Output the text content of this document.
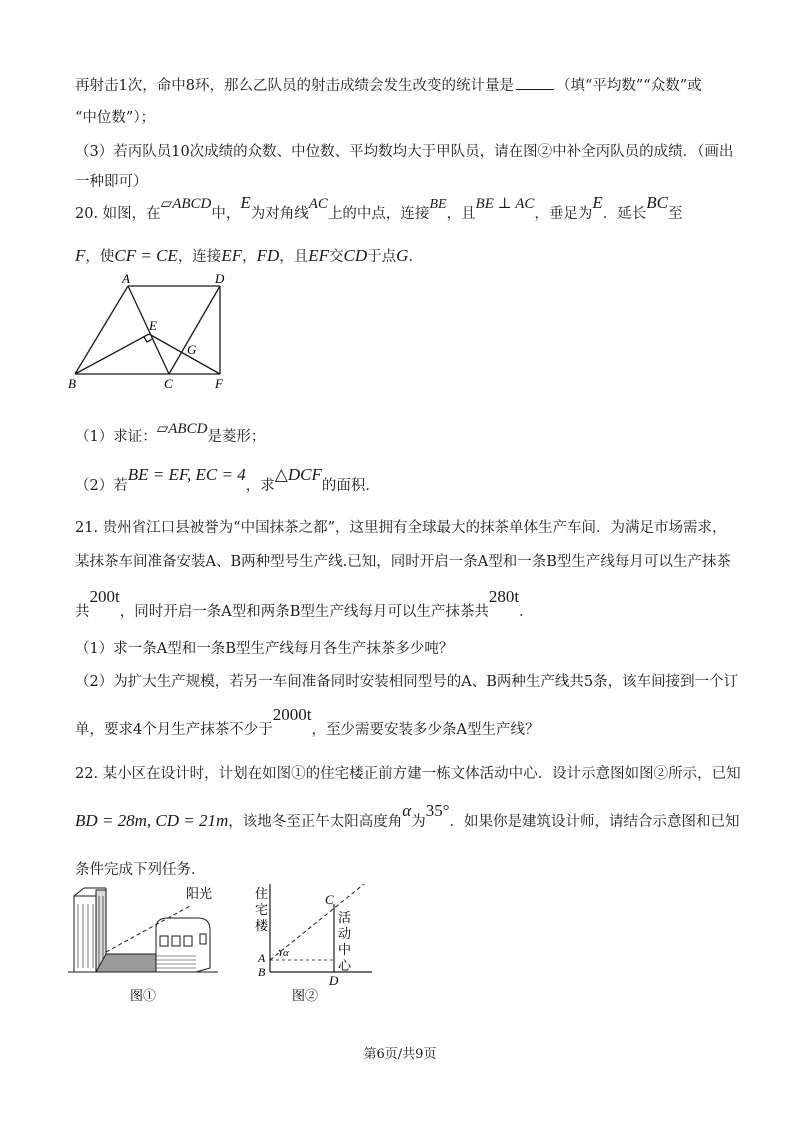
再射击1次，命中8环，那么乙队员的射击成绩会发生改变的统计量是	（填“平均数”“众数”或
“中位数”）；
（3）若丙队员10次成绩的众数、中位数、平均数均大于甲队员，请在图②中补全丙队员的成绩．（画出
一种即可）
20. 如图，在▱ABCD中，E为对角线AC上的中点，连接BE，且BE ⊥ AC，垂足为E．延长BC至
F，使CF = CE，连接EF，FD，且EF交CD于点G．
A	D
E
G
B	C	F
（1）求证：▱ABCD是菱形；
（2）若BE = EF, EC = 4，求△DCF的面积．
21. 贵州省江口县被誉为“中国抹茶之都”，这里拥有全球最大的抹茶单体生产车间．为满足市场需求，
某抹茶车间准备安装A、B两种型号生产线.已知，同时开启一条A型和一条B型生产线每月可以生产抹茶
共200t，同时开启一条A型和两条B型生产线每月可以生产抹茶共280t．
（1）求一条A型和一条B型生产线每月各生产抹茶多少吨？
（2）为扩大生产规模，若另一车间准备同时安装相同型号的A、B两种生产线共5条，该车间接到一个订
单，要求4个月生产抹茶不少于2000t，至少需要安装多少条A型生产线？
22. 某小区在设计时，计划在如图①的住宅楼正前方建一栋文体活动中心．设计示意图如图②所示，已知
BD = 28m, CD = 21m，该地冬至正午太阳高度角α为35°．如果你是建筑设计师，请结合示意图和已知
条件完成下列任务．
阳光
图①
住
宅
楼
活
动
中
心
C
A
B
α
D
图②
第6页/共9页
